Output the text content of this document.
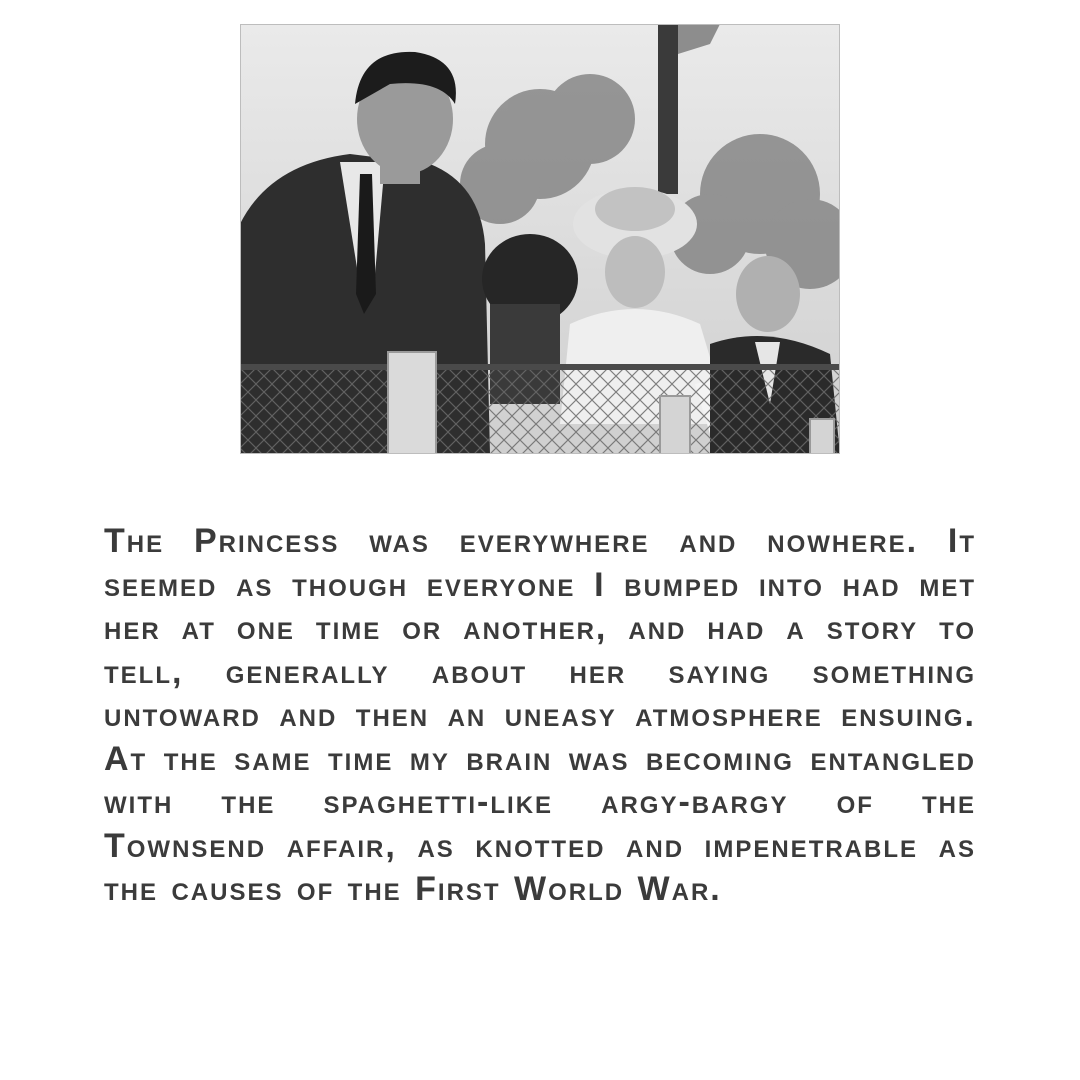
The Princess was everywhere and nowhere. It seemed as though everyone I bumped into had met her at one time or another, and had a story to tell, generally about her saying something untoward and then an uneasy atmosphere ensuing. At the same time my brain was becoming entangled with the spaghetti-like argy-bargy of the Townsend affair, as knotted and impenetrable as the causes of the First World War.
